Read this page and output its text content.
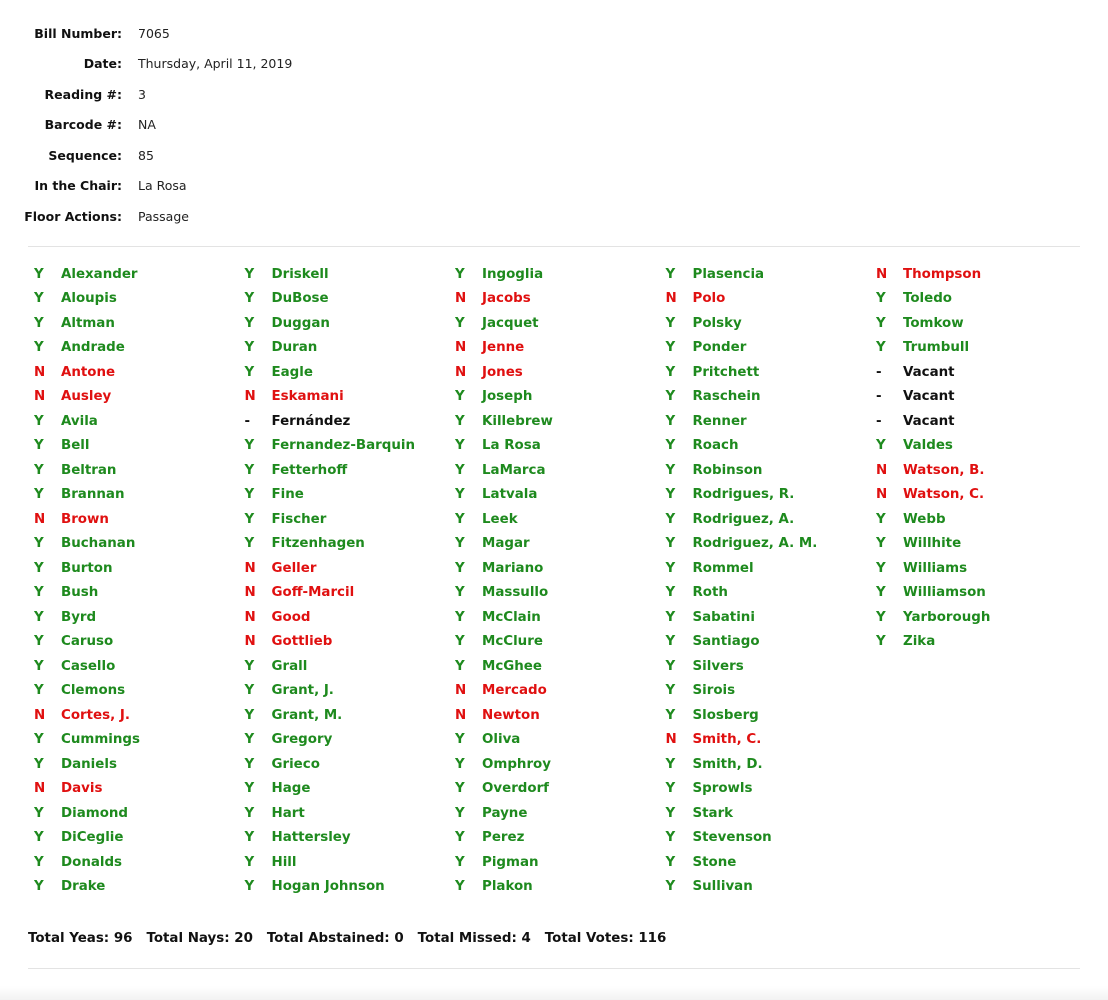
Bill Number: 7065
Date: Thursday, April 11, 2019
Reading #: 3
Barcode #: NA
Sequence: 85
In the Chair: La Rosa
Floor Actions: Passage
Y	Alexander
Y	Aloupis
Y	Altman
Y	Andrade
N	Antone
N	Ausley
Y	Avila
Y	Bell
Y	Beltran
Y	Brannan
N	Brown
Y	Buchanan
Y	Burton
Y	Bush
Y	Byrd
Y	Caruso
Y	Casello
Y	Clemons
N	Cortes, J.
Y	Cummings
Y	Daniels
N	Davis
Y	Diamond
Y	DiCeglie
Y	Donalds
Y	Drake
Y	Driskell
Y	DuBose
Y	Duggan
Y	Duran
Y	Eagle
N	Eskamani
-	Fernández
Y	Fernandez-Barquin
Y	Fetterhoff
Y	Fine
Y	Fischer
Y	Fitzenhagen
N	Geller
N	Goff-Marcil
N	Good
N	Gottlieb
Y	Grall
Y	Grant, J.
Y	Grant, M.
Y	Gregory
Y	Grieco
Y	Hage
Y	Hart
Y	Hattersley
Y	Hill
Y	Hogan Johnson
Y	Ingoglia
N	Jacobs
Y	Jacquet
N	Jenne
N	Jones
Y	Joseph
Y	Killebrew
Y	La Rosa
Y	LaMarca
Y	Latvala
Y	Leek
Y	Magar
Y	Mariano
Y	Massullo
Y	McClain
Y	McClure
Y	McGhee
N	Mercado
N	Newton
Y	Oliva
Y	Omphroy
Y	Overdorf
Y	Payne
Y	Perez
Y	Pigman
Y	Plakon
Y	Plasencia
N	Polo
Y	Polsky
Y	Ponder
Y	Pritchett
Y	Raschein
Y	Renner
Y	Roach
Y	Robinson
Y	Rodrigues, R.
Y	Rodriguez, A.
Y	Rodriguez, A. M.
Y	Rommel
Y	Roth
Y	Sabatini
Y	Santiago
Y	Silvers
Y	Sirois
Y	Slosberg
N	Smith, C.
Y	Smith, D.
Y	Sprowls
Y	Stark
Y	Stevenson
Y	Stone
Y	Sullivan
N	Thompson
Y	Toledo
Y	Tomkow
Y	Trumbull
-	Vacant
-	Vacant
-	Vacant
Y	Valdes
N	Watson, B.
N	Watson, C.
Y	Webb
Y	Willhite
Y	Williams
Y	Williamson
Y	Yarborough
Y	Zika
Total Yeas: 96 Total Nays: 20 Total Abstained: 0 Total Missed: 4 Total Votes: 116
